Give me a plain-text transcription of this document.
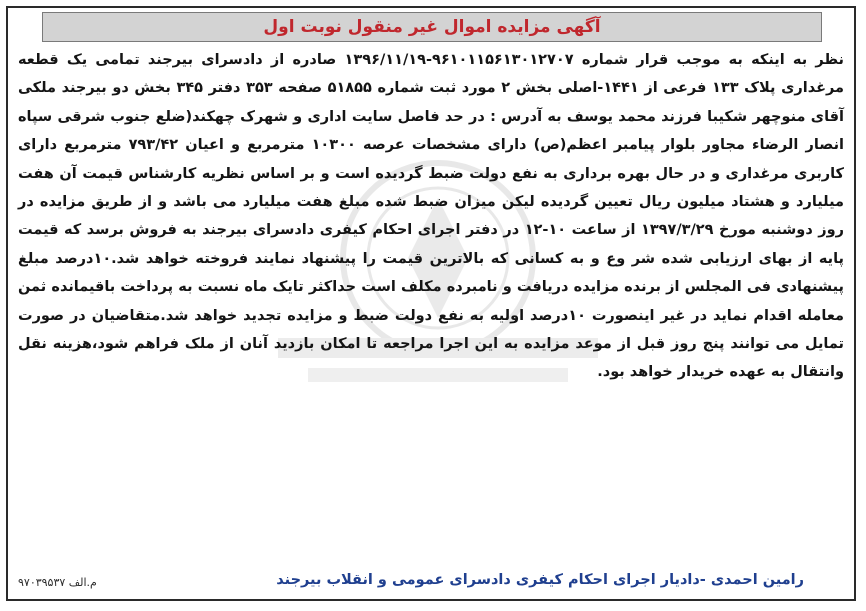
آگهی مزایده اموال غیر منقول نوبت اول

نظر به اینکه به موجب قرار شماره ۹۶۱۰۱۱۵۶۱۳۰۱۲۷۰۷-۱۳۹۶/۱۱/۱۹ صادره از دادسرای بیرجند تمامی یک قطعه مرغداری پلاک ۱۳۳ فرعی از ۱۴۴۱-اصلی بخش ۲ مورد ثبت شماره ۵۱۸۵۵ صفحه ۳۵۳ دفتر ۳۴۵ بخش دو بیرجند ملکی آقای منوچهر شکیبا فرزند محمد یوسف به آدرس : در حد فاصل سایت اداری و شهرک چهکند(ضلع جنوب شرقی سپاه انصار الرضاء مجاور بلوار پیامبر اعظم(ص) دارای مشخصات عرصه ۱۰۳۰۰ مترمربع و اعیان ۷۹۳/۴۲ مترمربع دارای کاربری مرغداری و در حال بهره برداری به نفع دولت ضبط گردیده است و بر اساس نظریه کارشناس قیمت آن هفت میلیارد و هشتاد میلیون ریال تعیین گردیده لیکن میزان ضبط شده مبلغ هفت میلیارد می باشد و از طریق مزایده در روز دوشنبه مورخ ۱۳۹۷/۳/۲۹ از ساعت ۱۰-۱۲ در دفتر اجرای احکام کیفری دادسرای بیرجند به فروش برسد که قیمت پایه از بهای ارزیابی شده شر وع و به کسانی که بالاترین قیمت را پیشنهاد نمایند فروخته خواهد شد.۱۰درصد مبلغ پیشنهادی فی المجلس از برنده مزایده دریافت و نامبرده مکلف است حداکثر تایک ماه نسبت به پرداخت باقیمانده ثمن معامله اقدام نماید در غیر اینصورت ۱۰درصد اولیه به نفع دولت ضبط و مزایده تجدید خواهد شد.متقاضیان در صورت تمایل می توانند پنج روز قبل از موعد مزایده به این اجرا مراجعه تا امکان بازدید آنان از ملک فراهم شود،هزینه نقل وانتقال به عهده خریدار خواهد بود.

رامین احمدی -دادیار اجرای احکام کیفری دادسرای عمومی و انقلاب بیرجند
م.الف ۹۷۰۳۹۵۳۷
